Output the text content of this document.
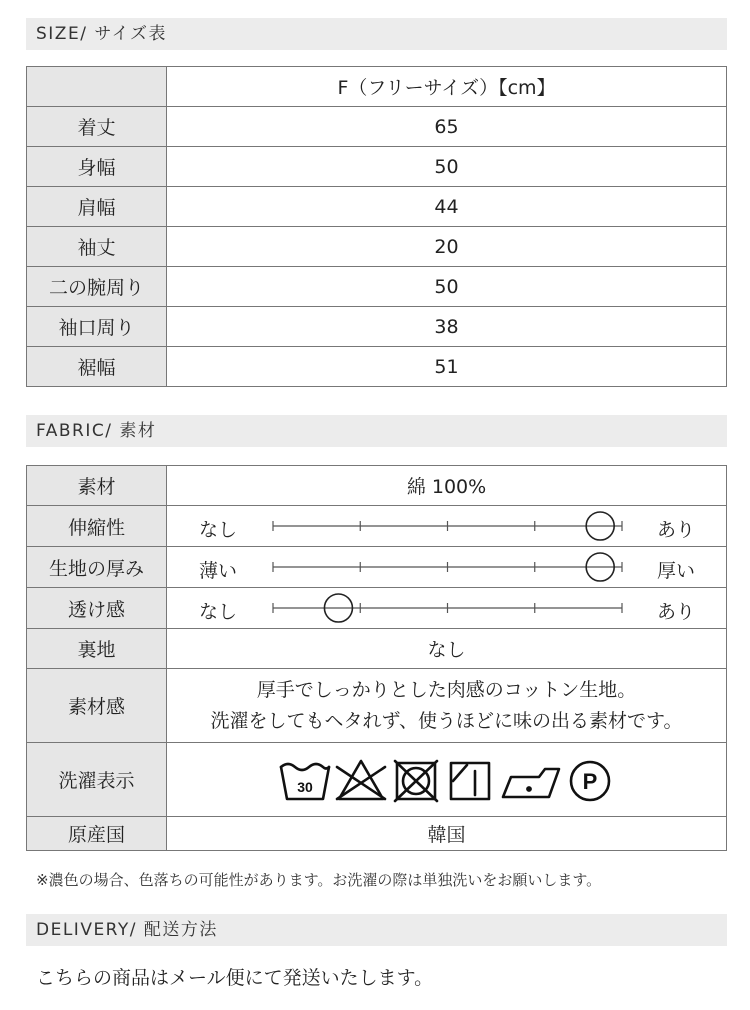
SIZE/ サイズ表
	F（フリーサイズ）【cm】
着丈	65
身幅	50
肩幅	44
袖丈	20
二の腕周り	50
袖口周り	38
裾幅	51
FABRIC/ 素材
素材	綿 100%
伸縮性	なし あり

生地の厚み	薄い 厚い

透け感	なし あり

裏地	なし
素材感	厚手でしっかりとした肉感のコットン生地。
洗濯をしてもヘタれず、使うほどに味の出る素材です。

洗濯表示	30 P

原産国	韓国
※濃色の場合、色落ちの可能性があります。お洗濯の際は単独洗いをお願いします。
DELIVERY/ 配送方法
こちらの商品はメール便にて発送いたします。
